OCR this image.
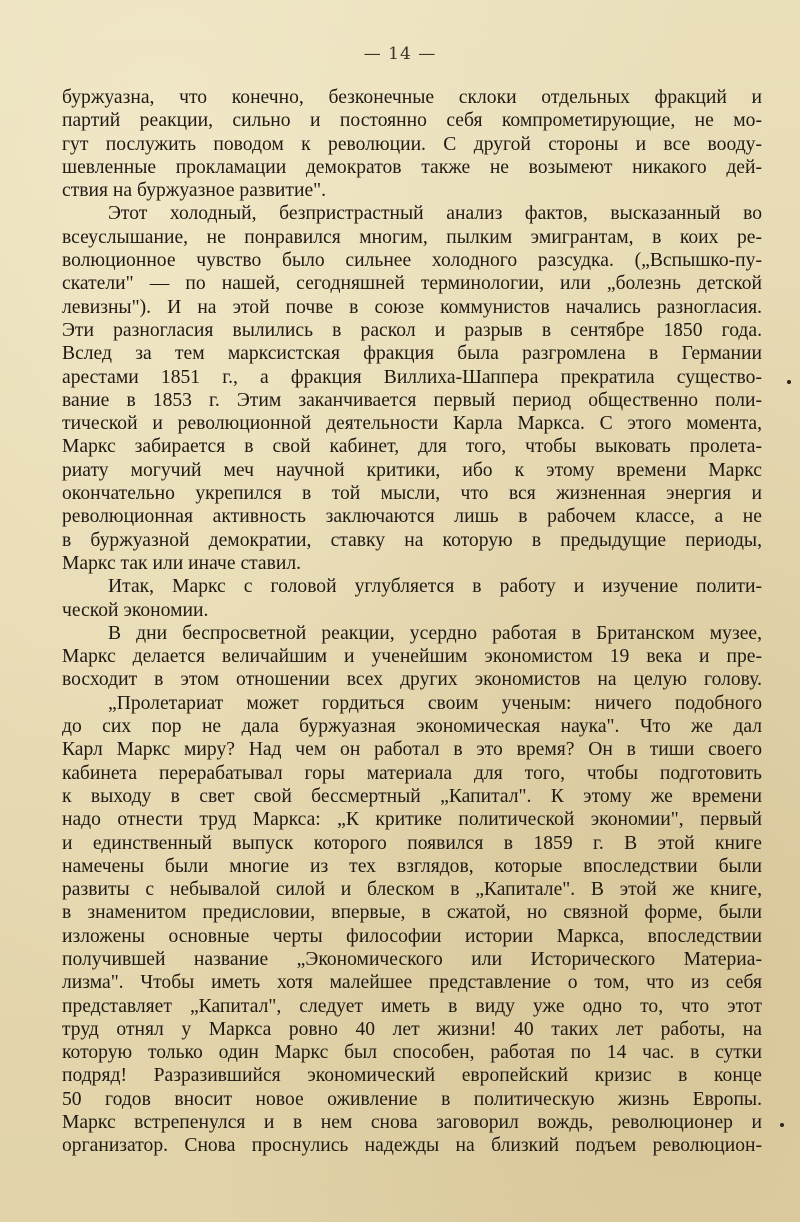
— 14 —
буржуазна, что конечно, безконечные склоки отдельных фракций и
партий реакции, сильно и постоянно себя компрометирующие, не мо-
гут послужить поводом к революции. С другой стороны и все вооду-
шевленные прокламации демократов также не возымеют никакого дей-
ствия на буржуазное развитие".
Этот холодный, безпристрастный анализ фактов, высказанный во
всеуслышание, не понравился многим, пылким эмигрантам, в коих ре-
волюционное чувство было сильнее холодного разсудка. („Вспышко-пу-
скатели" — по нашей, сегодняшней терминологии, или „болезнь детской
левизны"). И на этой почве в союзе коммунистов начались разногласия.
Эти разногласия вылились в раскол и разрыв в сентябре 1850 года.
Вслед за тем марксистская фракция была разгромлена в Германии
арестами 1851 г., а фракция Виллиха-Шаппера прекратила существо-
вание в 1853 г. Этим заканчивается первый период общественно поли-
тической и революционной деятельности Карла Маркса. С этого момента,
Маркс забирается в свой кабинет, для того, чтобы выковать пролета-
риату могучий меч научной критики, ибо к этому времени Маркс
окончательно укрепился в той мысли, что вся жизненная энергия и
революционная активность заключаются лишь в рабочем классе, а не
в буржуазной демократии, ставку на которую в предыдущие периоды,
Маркс так или иначе ставил.
Итак, Маркс с головой углубляется в работу и изучение полити-
ческой экономии.
В дни беспросветной реакции, усердно работая в Британском музее,
Маркс делается величайшим и ученейшим экономистом 19 века и пре-
восходит в этом отношении всех других экономистов на целую голову.
„Пролетариат может гордиться своим ученым: ничего подобного
до сих пор не дала буржуазная экономическая наука". Что же дал
Карл Маркс миру? Над чем он работал в это время? Он в тиши своего
кабинета перерабатывал горы материала для того, чтобы подготовить
к выходу в свет свой бессмертный „Капитал". К этому же времени
надо отнести труд Маркса: „К критике политической экономии", первый
и единственный выпуск которого появился в 1859 г. В этой книге
намечены были многие из тех взглядов, которые впоследствии были
развиты с небывалой силой и блеском в „Капитале". В этой же книге,
в знаменитом предисловии, впервые, в сжатой, но связной форме, были
изложены основные черты философии истории Маркса, впоследствии
получившей название „Экономического или Исторического Материа-
лизма". Чтобы иметь хотя малейшее представление о том, что из себя
представляет „Капитал", следует иметь в виду уже одно то, что этот
труд отнял у Маркса ровно 40 лет жизни! 40 таких лет работы, на
которую только один Маркс был способен, работая по 14 час. в сутки
подряд! Разразившийся экономический европейский кризис в конце
50 годов вносит новое оживление в политическую жизнь Европы.
Маркс встрепенулся и в нем снова заговорил вождь, революционер и
организатор. Снова проснулись надежды на близкий подъем революцион-
